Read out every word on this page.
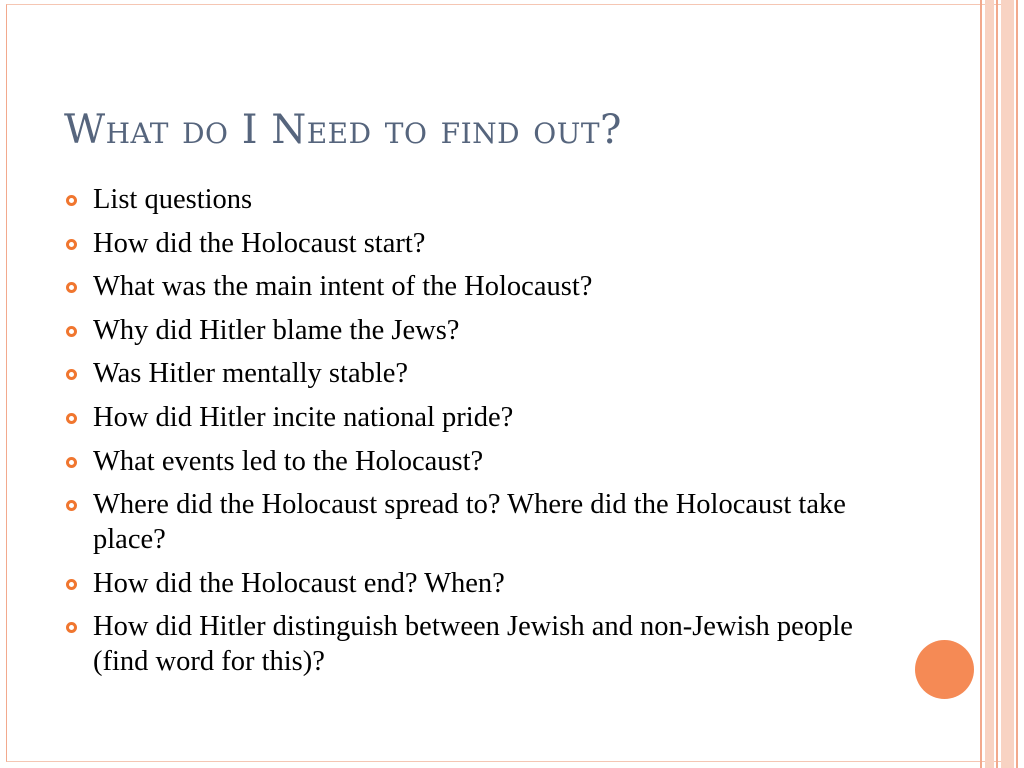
What do I Need to find out?
List questions
How did the Holocaust start?
What was the main intent of the Holocaust?
Why did Hitler blame the Jews?
Was Hitler mentally stable?
How did Hitler incite national pride?
What events led to the Holocaust?
Where did the Holocaust spread to? Where did the Holocaust take place?
How did the Holocaust end? When?
How did Hitler distinguish between Jewish and non-Jewish people (find word for this)?
